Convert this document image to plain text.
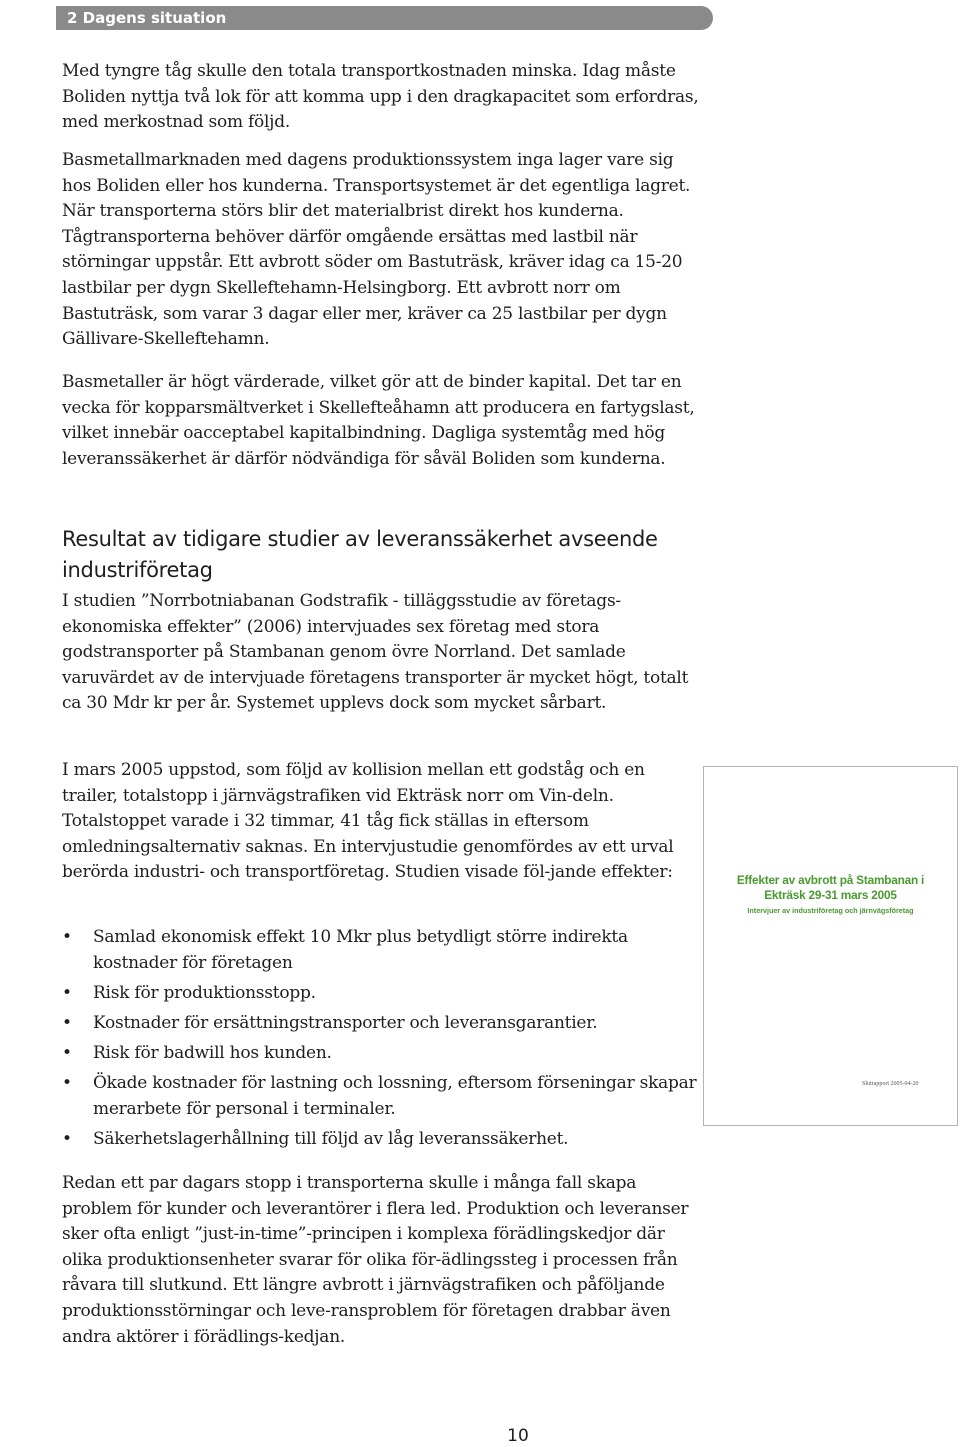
2 Dagens situation

Med tyngre tåg skulle den totala transportkostnaden minska. Idag måste Boliden nyttja två lok för att komma upp i den dragkapacitet som erfordras, med merkostnad som följd.

Basmetallmarknaden med dagens produktionssystem inga lager vare sig hos Boliden eller hos kunderna. Transportsystemet är det egentliga lagret. När transporterna störs blir det materialbrist direkt hos kunderna. Tågtransporterna behöver därför omgående ersättas med lastbil när störningar uppstår. Ett avbrott söder om Bastuträsk, kräver idag ca 15-20 lastbilar per dygn Skelleftehamn-Helsingborg. Ett avbrott norr om Bastuträsk, som varar 3 dagar eller mer, kräver ca 25 lastbilar per dygn Gällivare-Skelleftehamn.

Basmetaller är högt värderade, vilket gör att de binder kapital. Det tar en vecka för kopparsmältverket i Skellefteåhamn att producera en fartygslast, vilket innebär oacceptabel kapitalbindning. Dagliga systemtåg med hög leveranssäkerhet är därför nödvändiga för såväl Boliden som kunderna.

Resultat av tidigare studier av leveranssäkerhet avseende industriföretag

I studien ”Norrbotniabanan Godstrafik - tilläggsstudie av företags-ekonomiska effekter” (2006) intervjuades sex företag med stora godstransporter på Stambanan genom övre Norrland. Det samlade varuvärdet av de intervjuade företagens transporter är mycket högt, totalt ca 30 Mdr kr per år. Systemet upplevs dock som mycket sårbart.

I mars 2005 uppstod, som följd av kollision mellan ett godståg och en trailer, totalstopp i järnvägstrafiken vid Ekträsk norr om Vin-deln. Totalstoppet varade i 32 timmar, 41 tåg fick ställas in eftersom omledningsalternativ saknas. En intervjustudie genomfördes av ett urval berörda industri- och transportföretag. Studien visade föl-jande effekter:

• Samlad ekonomisk effekt 10 Mkr plus betydligt större indirekta kostnader för företagen
• Risk för produktionsstopp.
• Kostnader för ersättningstransporter och leveransgarantier.
• Risk för badwill hos kunden.
• Ökade kostnader för lastning och lossning, eftersom förseningar skapar merarbete för personal i terminaler.
• Säkerhetslagerhållning till följd av låg leveranssäkerhet.

Redan ett par dagars stopp i transporterna skulle i många fall skapa problem för kunder och leverantörer i flera led. Produktion och leveranser sker ofta enligt ”just-in-time”-principen i komplexa förädlingskedjor där olika produktionsenheter svarar för olika för-ädlingssteg i processen från råvara till slutkund. Ett längre avbrott i järnvägstrafiken och påföljande produktionsstörningar och leve-ransproblem för företagen drabbar även andra aktörer i förädlings-kedjan.

Effekter av avbrott på Stambanan i
Ekträsk 29-31 mars 2005
Intervjuer av industriföretag och järnvägsföretag
Slutrapport 2005-04-20
10
